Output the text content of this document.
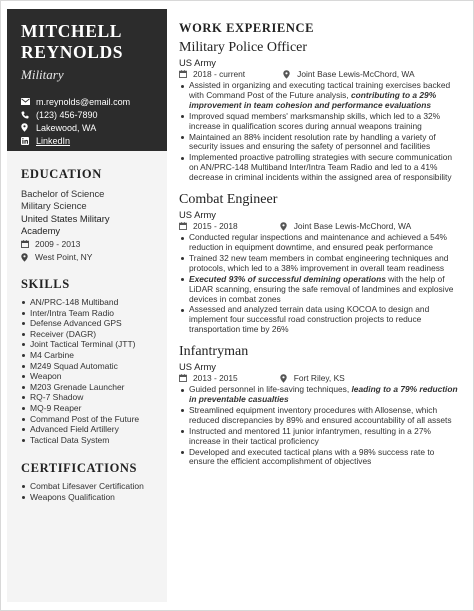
MITCHELL
REYNOLDS
Military
m.reynolds@email.com
(123) 456-7890
Lakewood, WA
LinkedIn
EDUCATION
Bachelor of Science
Military Science
United States Military
Academy
2009 - 2013
West Point, NY
SKILLS
AN/PRC-148 Multiband
Inter/Intra Team Radio
Defense Advanced GPS
Receiver (DAGR)
Joint Tactical Terminal (JTT)
M4 Carbine
M249 Squad Automatic
Weapon
M203 Grenade Launcher
RQ-7 Shadow
MQ-9 Reaper
Command Post of the Future
Advanced Field Artillery
Tactical Data System
CERTIFICATIONS
Combat Lifesaver Certification
Weapons Qualification
WORK EXPERIENCE
Military Police Officer
US Army
2018 - current	Joint Base Lewis-McChord, WA
Assisted in organizing and executing tactical training exercises backed with Command Post of the Future analysis, contributing to a 29% improvement in team cohesion and performance evaluations
Improved squad members' marksmanship skills, which led to a 32% increase in qualification scores during annual weapons training
Maintained an 88% incident resolution rate by handling a variety of security issues and ensuring the safety of personnel and facilities
Implemented proactive patrolling strategies with secure communication on AN/PRC-148 Multiband Inter/Intra Team Radio and led to a 41% decrease in criminal incidents within the assigned area of responsibility
Combat Engineer
US Army
2015 - 2018	Joint Base Lewis-McChord, WA
Conducted regular inspections and maintenance and achieved a 54% reduction in equipment downtime, and ensured peak performance
Trained 32 new team members in combat engineering techniques and protocols, which led to a 38% improvement in overall team readiness
Executed 93% of successful demining operations with the help of LiDAR scanning, ensuring the safe removal of landmines and explosive devices in combat zones
Assessed and analyzed terrain data using KOCOA to design and implement four successful road construction projects to reduce transportation time by 26%
Infantryman
US Army
2013 - 2015	Fort Riley, KS
Guided personnel in life-saving techniques, leading to a 79% reduction in preventable casualties
Streamlined equipment inventory procedures with Allosense, which reduced discrepancies by 89% and ensured accountability of all assets
Instructed and mentored 11 junior infantrymen, resulting in a 27% increase in their tactical proficiency
Developed and executed tactical plans with a 98% success rate to ensure the efficient accomplishment of objectives
